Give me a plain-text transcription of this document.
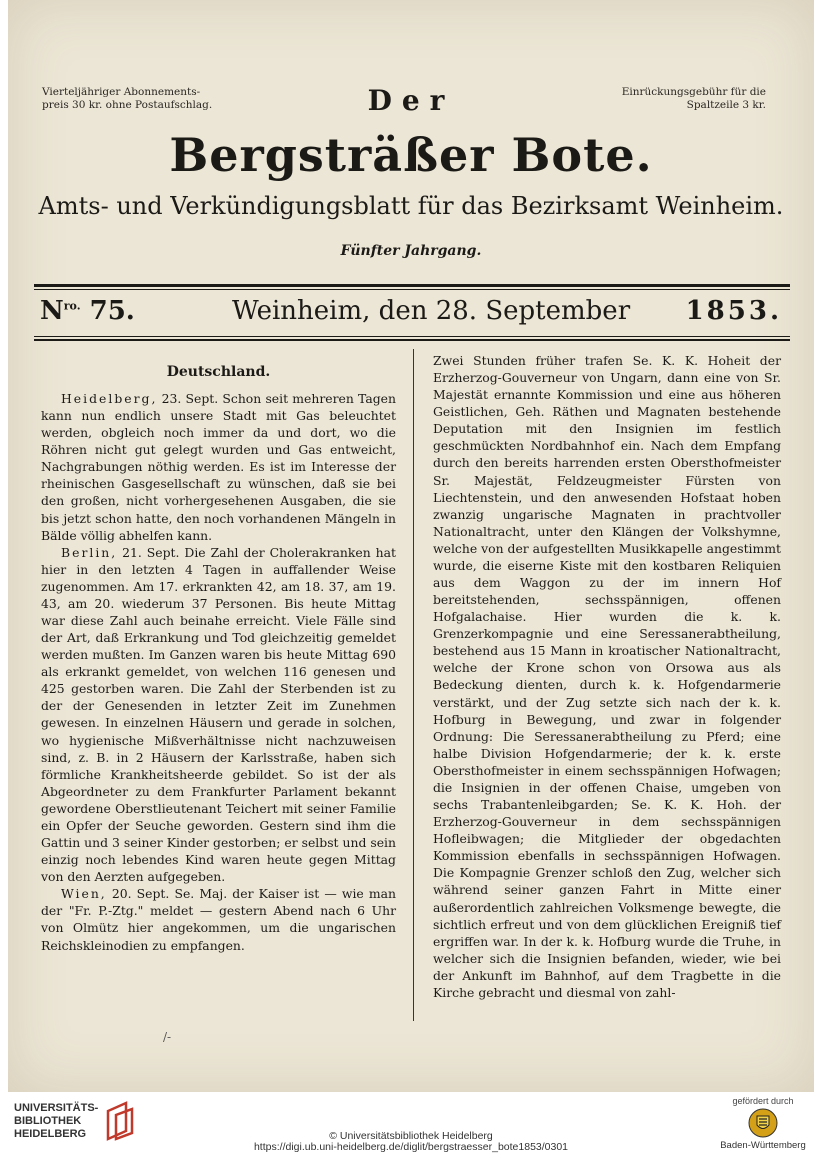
Vierteljähriger Abonnements-
preis 30 kr. ohne Postaufschlag.
Einrückungsgebühr für die
Spaltzeile 3 kr.
Der
Bergsträßer Bote.
Amts- und Verkündigungsblatt für das Bezirksamt Weinheim.
Fünfter Jahrgang.
$N^{ro.}$ 75.	Weinheim, den 28. September 1853.
Deutschland.

Heidelberg, 23. Sept. Schon seit mehreren Tagen kann nun endlich unsere Stadt mit Gas beleuchtet werden, obgleich noch immer da und dort, wo die Röhren nicht gut gelegt wurden und Gas entweicht, Nachgrabungen nöthig werden. Es ist im Interesse der rheinischen Gasgesellschaft zu wünschen, daß sie bei den großen, nicht vorhergesehenen Ausgaben, die sie bis jetzt schon hatte, den noch vorhandenen Mängeln in Bälde völlig abhelfen kann.

Berlin, 21. Sept. Die Zahl der Cholerakranken hat hier in den letzten 4 Tagen in auffallender Weise zugenommen. Am 17. erkrankten 42, am 18. 37, am 19. 43, am 20. wiederum 37 Personen. Bis heute Mittag war diese Zahl auch beinahe erreicht. Viele Fälle sind der Art, daß Erkrankung und Tod gleichzeitig gemeldet werden mußten. Im Ganzen waren bis heute Mittag 690 als erkrankt gemeldet, von welchen 116 genesen und 425 gestorben waren. Die Zahl der Sterbenden ist zu der der Genesenden in letzter Zeit im Zunehmen gewesen. In einzelnen Häusern und gerade in solchen, wo hygienische Mißverhältnisse nicht nachzuweisen sind, z. B. in 2 Häusern der Karlsstraße, haben sich förmliche Krankheitsheerde gebildet. So ist der als Abgeordneter zu dem Frankfurter Parlament bekannt gewordene Oberstlieutenant Teichert mit seiner Familie ein Opfer der Seuche geworden. Gestern sind ihm die Gattin und 3 seiner Kinder gestorben; er selbst und sein einzig noch lebendes Kind waren heute gegen Mittag von den Aerzten aufgegeben.

Wien, 20. Sept. Se. Maj. der Kaiser ist — wie man der "Fr. P.-Ztg." meldet — gestern Abend nach 6 Uhr von Olmütz hier angekommen, um die ungarischen Reichskleinodien zu empfangen.

Zwei Stunden früher trafen Se. K. K. Hoheit der Erzherzog-Gouverneur von Ungarn, dann eine von Sr. Majestät ernannte Kommission und eine aus höheren Geistlichen, Geh. Räthen und Magnaten bestehende Deputation mit den Insignien im festlich geschmückten Nordbahnhof ein. Nach dem Empfang durch den bereits harrenden ersten Obersthofmeister Sr. Majestät, Feldzeugmeister Fürsten von Liechtenstein, und den anwesenden Hofstaat hoben zwanzig ungarische Magnaten in prachtvoller Nationaltracht, unter den Klängen der Volkshymne, welche von der aufgestellten Musikkapelle angestimmt wurde, die eiserne Kiste mit den kostbaren Reliquien aus dem Waggon zu der im innern Hof bereitstehenden, sechsspännigen, offenen Hofgalachaise. Hier wurden die k. k. Grenzerkompagnie und eine Seressanerabtheilung, bestehend aus 15 Mann in kroatischer Nationaltracht, welche der Krone schon von Orsowa aus als Bedeckung dienten, durch k. k. Hofgendarmerie verstärkt, und der Zug setzte sich nach der k. k. Hofburg in Bewegung, und zwar in folgender Ordnung: Die Seressanerabtheilung zu Pferd; eine halbe Division Hofgendarmerie; der k. k. erste Obersthofmeister in einem sechsspännigen Hofwagen; die Insignien in der offenen Chaise, umgeben von sechs Trabantenleibgarden; Se. K. K. Hoh. der Erzherzog-Gouverneur in dem sechsspännigen Hofleibwagen; die Mitglieder der obgedachten Kommission ebenfalls in sechsspännigen Hofwagen. Die Kompagnie Grenzer schloß den Zug, welcher sich während seiner ganzen Fahrt in Mitte einer außerordentlich zahlreichen Volksmenge bewegte, die sichtlich erfreut und von dem glücklichen Ereigniß tief ergriffen war. In der k. k. Hofburg wurde die Truhe, in welcher sich die Insignien befanden, wieder, wie bei der Ankunft im Bahnhof, auf dem Tragbette in die Kirche gebracht und diesmal von zahl-

/-
UNIVERSITÄTS-
BIBLIOTHEK
HEIDELBERG	© Universitätsbibliothek Heidelberg
https://digi.ub.uni-heidelberg.de/diglit/bergstraesser_bote1853/0301
gefördert durch
Baden-Württemberg
